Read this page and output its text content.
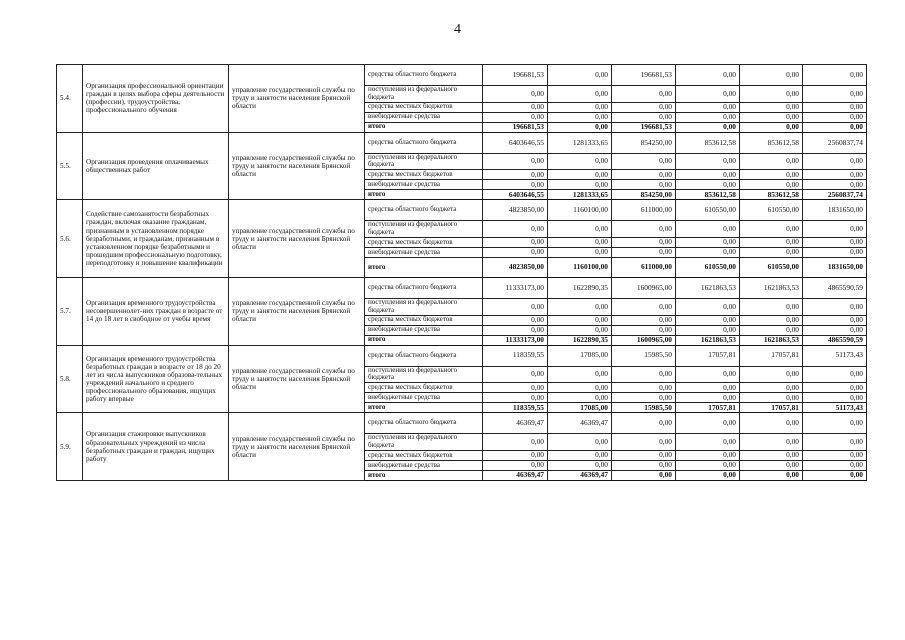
4
5.4.	Организация профессиональной ориентации граждан в целях выбора сферы деятельности (профессии), трудоустройства, профессионального обучения	управление государственной службы по труду и занятости населения Брянской области	средства областного бюджета	196681,53	0,00	196681,53	0,00	0,00	0,00
			поступления из федерального бюджета	0,00	0,00	0,00	0,00	0,00	0,00
			средства местных бюджетов	0,00	0,00	0,00	0,00	0,00	0,00
			внебюджетные средства	0,00	0,00	0,00	0,00	0,00	0,00
			итого	196681,53	0,00	196681,53	0,00	0,00	0,00
5.5.	Организация проведения оплачиваемых общественных работ	управление государственной службы по труду и занятости населения Брянской области	средства областного бюджета	6403646,55	1281333,65	854250,00	853612,58	853612,58	2560837,74
			поступления из федерального бюджета	0,00	0,00	0,00	0,00	0,00	0,00
			средства местных бюджетов	0,00	0,00	0,00	0,00	0,00	0,00
			внебюджетные средства	0,00	0,00	0,00	0,00	0,00	0,00
			итого	6403646,55	1281333,65	854250,00	853612,58	853612,58	2560837,74
5.6.	Содействие самозанятости безработных граждан, включая оказание гражданам, признанным в установленном порядке безработными, и гражданам, признанным в установленном порядке безработными и прошедшим профессиональную подготовку, переподготовку и повышение квалификации	управление государственной службы по труду и занятости населения Брянской области	средства областного бюджета	4823850,00	1160100,00	611000,00	610550,00	610550,00	1831650,00
			поступления из федерального бюджета	0,00	0,00	0,00	0,00	0,00	0,00
			средства местных бюджетов	0,00	0,00	0,00	0,00	0,00	0,00
			внебюджетные средства	0,00	0,00	0,00	0,00	0,00	0,00
			итого	4823850,00	1160100,00	611000,00	610550,00	610550,00	1831650,00
5.7.	Организация временного трудоустройства несовершеннолет-них граждан в возрасте от 14 до 18 лет в свободное от учебы время	управление государственной службы по труду и занятости населения Брянской области	средства областного бюджета	11333173,00	1622890,35	1600965,00	1621863,53	1621863,53	4865590,59
			поступления из федерального бюджета	0,00	0,00	0,00	0,00	0,00	0,00
			средства местных бюджетов	0,00	0,00	0,00	0,00	0,00	0,00
			внебюджетные средства	0,00	0,00	0,00	0,00	0,00	0,00
			итого	11333173,00	1622890,35	1600965,00	1621863,53	1621863,53	4865590,59
5.8.	Организация временного трудоустройства безработных граждан в возрасте от 18 до 20 лет из числа выпускников образова-тельных учреждений начального и среднего профессионального образования, ищущих работу впервые	управление государственной службы по труду и занятости населения Брянской области	средства областного бюджета	118359,55	17085,00	15985,50	17057,81	17057,81	51173,43
			поступления из федерального бюджета	0,00	0,00	0,00	0,00	0,00	0,00
			средства местных бюджетов	0,00	0,00	0,00	0,00	0,00	0,00
			внебюджетные средства	0,00	0,00	0,00	0,00	0,00	0,00
			итого	118359,55	17085,00	15985,50	17057,81	17057,81	51173,43
5.9.	Организация стажировки выпускников образовательных учреждений из числа безработных граждан и граждан, ищущих работу	управление государственной службы по труду и занятости населения Брянской области	средства областного бюджета	46369,47	46369,47	0,00	0,00	0,00	0,00
			поступления из федерального бюджета	0,00	0,00	0,00	0,00	0,00	0,00
			средства местных бюджетов	0,00	0,00	0,00	0,00	0,00	0,00
			внебюджетные средства	0,00	0,00	0,00	0,00	0,00	0,00
			итого	46369,47	46369,47	0,00	0,00	0,00	0,00
